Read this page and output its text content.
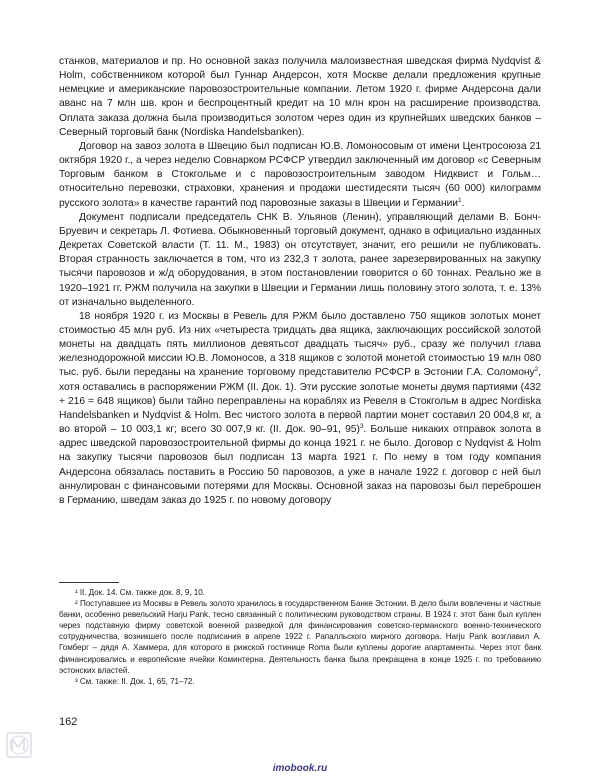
станков, материалов и пр. Но основной заказ получила малоизвестная шведская фирма Nydqvist & Holm, собственником которой был Гуннар Андерсон, хотя Москве делали предложения крупные немецкие и американские паровозостроительные компании. Летом 1920 г. фирме Андерсона дали аванс на 7 млн шв. крон и беспроцентный кредит на 10 млн крон на расширение производства. Оплата заказа должна была производиться золотом через один из крупнейших шведских банков – Северный торговый банк (Nordiska Handelsbanken).

Договор на завоз золота в Швецию был подписан Ю.В. Ломоносовым от имени Центросоюза 21 октября 1920 г., а через неделю Совнарком РСФСР утвердил заключенный им договор «с Северным Торговым банком в Стокгольме и с паровозостроительным заводом Нидквист и Гольм… относительно перевозки, страховки, хранения и продажи шестидесяти тысяч (60 000) килограмм русского золота» в качестве гарантий под паровозные заказы в Швеции и Германии$^1$.

Документ подписали председатель СНК В. Ульянов (Ленин), управляющий делами В. Бонч-Бруевич и секретарь Л. Фотиева. Обыкновенный торговый документ, однако в официально изданных Декретах Советской власти (Т. 11. М., 1983) он отсутствует, значит, его решили не публиковать. Вторая странность заключается в том, что из 232,3 т золота, ранее зарезервированных на закупку тысячи паровозов и ж/д оборудования, в этом постановлении говорится о 60 тоннах. Реально же в 1920–1921 гг. РЖМ получила на закупки в Швеции и Германии лишь половину этого золота, т. е. 13% от изначально выделенного.

18 ноября 1920 г. из Москвы в Ревель для РЖМ было доставлено 750 ящиков золотых монет стоимостью 45 млн руб. Из них «четыреста тридцать два ящика, заключающих российской золотой монеты на двадцать пять миллионов девятьсот двадцать тысяч» руб., сразу же получил глава железнодорожной миссии Ю.В. Ломоносов, а 318 ящиков с золотой монетой стоимостью 19 млн 080 тыс. руб. были переданы на хранение торговому представителю РСФСР в Эстонии Г.А. Соломону$^2$, хотя оставались в распоряжении РЖМ (II. Док. 1). Эти русские золотые монеты двумя партиями (432 + 216 = 648 ящиков) были тайно переправлены на кораблях из Ревеля в Стокгольм в адрес Nordiska Handelsbanken и Nydqvist & Holm. Вес чистого золота в первой партии монет составил 20 004,8 кг, а во второй – 10 003,1 кг; всего 30 007,9 кг. (II. Док. 90–91, 95)$^3$. Больше никаких отправок золота в адрес шведской паровозостроительной фирмы до конца 1921 г. не было. Договор с Nydqvist & Holm на закупку тысячи паровозов был подписан 13 марта 1921 г. По нему в том году компания Андерсона обязалась поставить в Россию 50 паровозов, а уже в начале 1922 г. договор с ней был аннулирован с финансовыми потерями для Москвы. Основной заказ на паровозы был переброшен в Германию, шведам заказ до 1925 г. по новому договору

¹ II. Док. 14. См. также док. 8, 9, 10.

² Поступавшее из Москвы в Ревель золото хранилось в государственном Банке Эстонии. В дело были вовлечены и частные банки, особенно ревельский Harju Pank, тесно связанный с политическим руководством страны. В 1924 г. этот банк был куплен через подставную фирму советской военной разведкой для финансирования советско-германского военно-технического сотрудничества, возникшего после подписания в апреле 1922 г. Рапалльского мирного договора. Harju Pank возглавил А. Гомберг – дядя А. Хаммера, для которого в рижской гостинице Roma были куплены дорогие апартаменты. Через этот банк финансировались и европейские ячейки Коминтерна. Деятельность банка была прекращена в конце 1925 г. по требованию эстонских властей.

³ См. также: II. Док. 1, 65, 71–72.

162
imobook.ru
